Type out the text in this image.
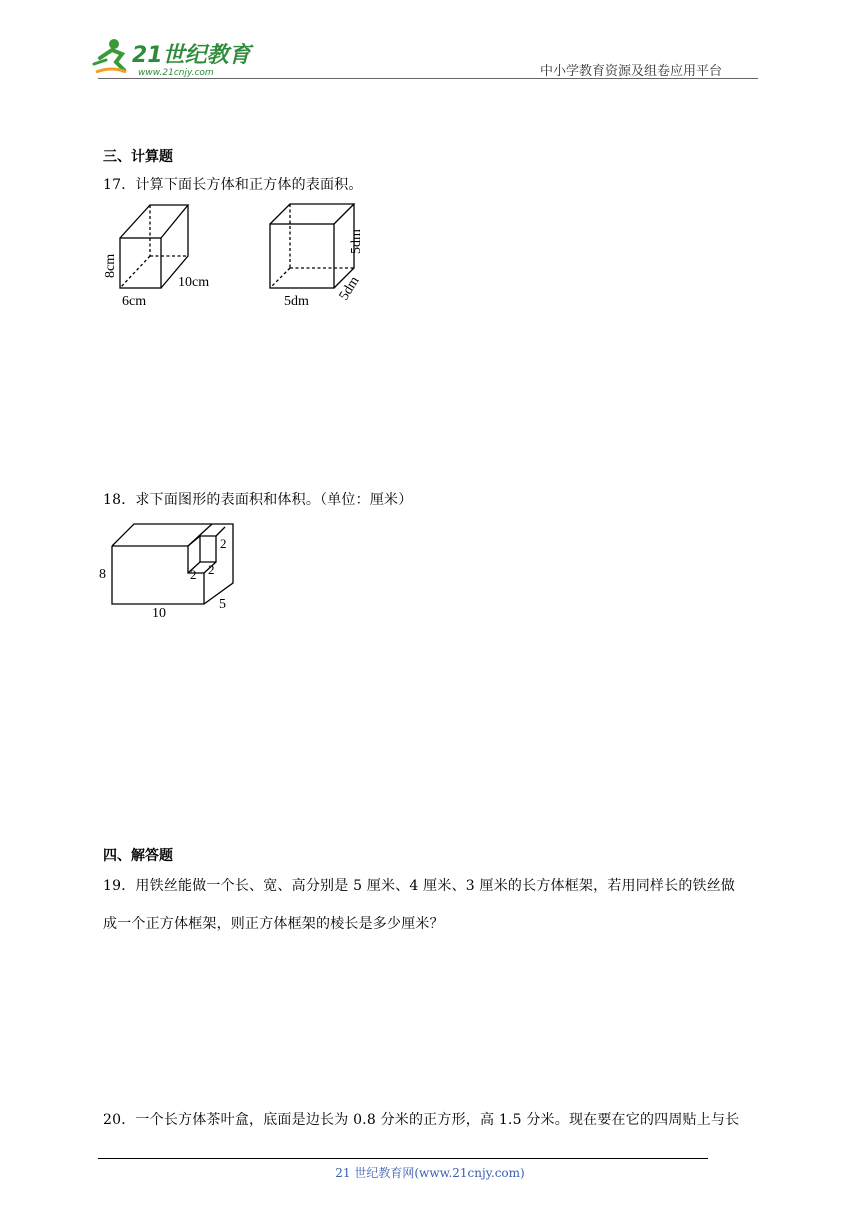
21世纪教育
www.21cnjy.com	中小学教育资源及组卷应用平台
三、计算题
17．计算下面长方体和正方体的表面积。
8cm
6cm
10cm
5dm 5dm
5dm
18．求下面图形的表面积和体积。（单位：厘米）
8
10
5
2 2
2
四、解答题
19．用铁丝能做一个长、宽、高分别是 5 厘米、4 厘米、3 厘米的长方体框架，若用同样长的铁丝做
成一个正方体框架，则正方体框架的棱长是多少厘米？
20．一个长方体茶叶盒，底面是边长为 0.8 分米的正方形，高 1.5 分米。现在要在它的四周贴上与长
21 世纪教育网(www.21cnjy.com)
